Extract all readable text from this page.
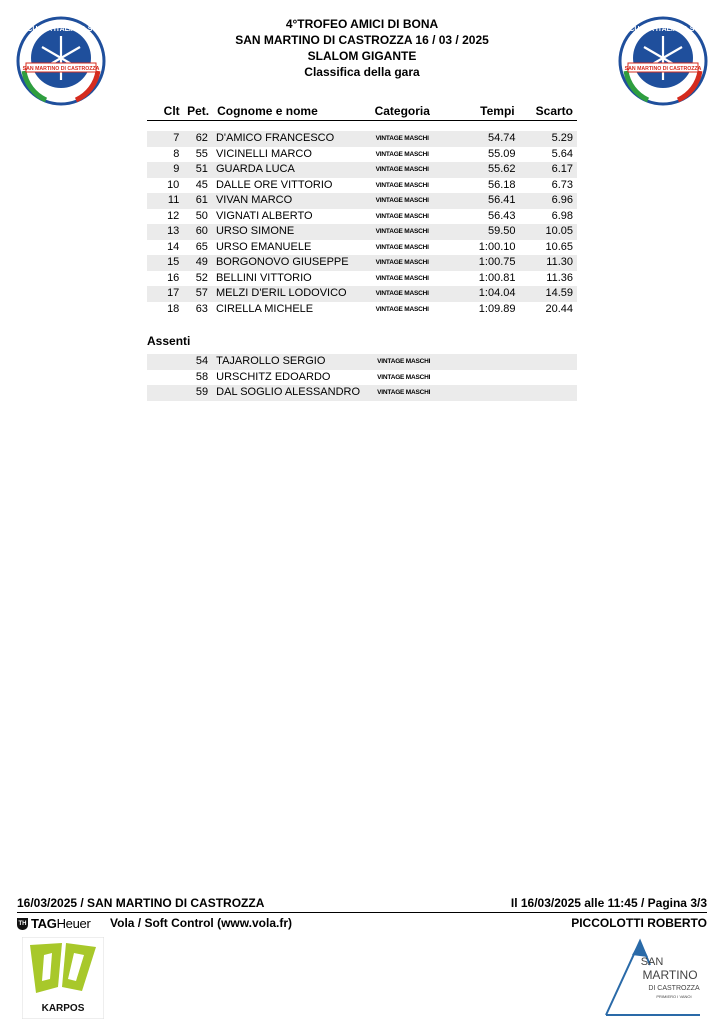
SAN MARTINO DI CASTROZZA
SCUOLA ITALIANA SCI
SAN MARTINO DI CASTROZZA
SCUOLA ITALIANA SCI
4°TROFEO AMICI DI BONA
SAN MARTINO DI CASTROZZA 16 / 03 / 2025
SLALOM GIGANTE
Classifica della gara
Clt	Pet.	Cognome e nome	Categoria	Tempi	Scarto
7	62	D'AMICO FRANCESCO	VINTAGE MASCHI	54.74	5.29
8	55	VICINELLI MARCO	VINTAGE MASCHI	55.09	5.64
9	51	GUARDA LUCA	VINTAGE MASCHI	55.62	6.17
10	45	DALLE ORE VITTORIO	VINTAGE MASCHI	56.18	6.73
11	61	VIVAN MARCO	VINTAGE MASCHI	56.41	6.96
12	50	VIGNATI ALBERTO	VINTAGE MASCHI	56.43	6.98
13	60	URSO SIMONE	VINTAGE MASCHI	59.50	10.05
14	65	URSO EMANUELE	VINTAGE MASCHI	1:00.10	10.65
15	49	BORGONOVO GIUSEPPE	VINTAGE MASCHI	1:00.75	11.30
16	52	BELLINI VITTORIO	VINTAGE MASCHI	1:00.81	11.36
17	57	MELZI D'ERIL LODOVICO	VINTAGE MASCHI	1:04.04	14.59
18	63	CIRELLA MICHELE	VINTAGE MASCHI	1:09.89	20.44
Assenti
	54	TAJAROLLO SERGIO	VINTAGE MASCHI		
	58	URSCHITZ EDOARDO	VINTAGE MASCHI		
	59	DAL SOGLIO ALESSANDRO	VINTAGE MASCHI		
16/03/2025 / SAN MARTINO DI CASTROZZA	Il 16/03/2025 alle 11:45 / Pagina 3/3
TH TAGHeuer Vola / Soft Control (www.vola.fr)	PICCOLOTTI ROBERTO
KARPOS
SAN
MARTINO
DI CASTROZZA
PRIMIERO I VANOI
